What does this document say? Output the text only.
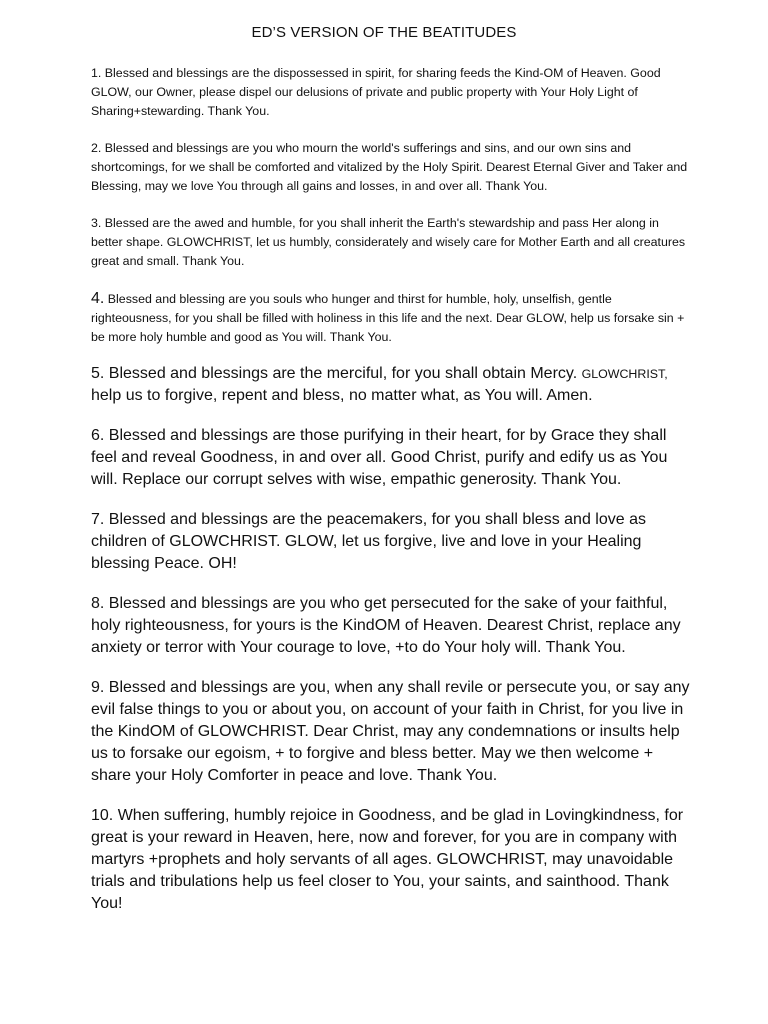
ED’S VERSION OF THE BEATITUDES

1. Blessed and blessings are the dispossessed in spirit, for sharing feeds the Kind-OM of Heaven. Good GLOW, our Owner, please dispel our delusions of private and public property with Your Holy Light of Sharing+stewarding. Thank You.

2. Blessed and blessings are you who mourn the world's sufferings and sins, and our own sins and shortcomings, for we shall be comforted and vitalized by the Holy Spirit. Dearest Eternal Giver and Taker and Blessing, may we love You through all gains and losses, in and over all. Thank You.

3. Blessed are the awed and humble, for you shall inherit the Earth's stewardship and pass Her along in better shape. GLOWCHRIST, let us humbly, considerately and wisely care for Mother Earth and all creatures great and small. Thank You.

4. Blessed and blessing are you souls who hunger and thirst for humble, holy, unselfish, gentle righteousness, for you shall be filled with holiness in this life and the next. Dear GLOW, help us forsake sin + be more holy humble and good as You will. Thank You.

5. Blessed and blessings are the merciful, for you shall obtain Mercy. GLOWCHRIST,
help us to forgive, repent and bless, no matter what, as You will. Amen.

6. Blessed and blessings are those purifying in their heart, for by Grace they shall feel and reveal Goodness, in and over all. Good Christ, purify and edify us as You will. Replace our corrupt selves with wise, empathic generosity. Thank You.

7. Blessed and blessings are the peacemakers, for you shall bless and love as children of GLOWCHRIST. GLOW, let us forgive, live and love in your Healing blessing Peace. OH!

8. Blessed and blessings are you who get persecuted for the sake of your faithful, holy righteousness, for yours is the KindOM of Heaven. Dearest Christ, replace any anxiety or terror with Your courage to love, +to do Your holy will. Thank You.

9. Blessed and blessings are you, when any shall revile or persecute you, or say any evil false things to you or about you, on account of your faith in Christ, for you live in the KindOM of GLOWCHRIST. Dear Christ, may any condemnations or insults help us to forsake our egoism, + to forgive and bless better. May we then welcome + share your Holy Comforter in peace and love. Thank You.

10. When suffering, humbly rejoice in Goodness, and be glad in Lovingkindness, for great is your reward in Heaven, here, now and forever, for you are in company with martyrs +prophets and holy servants of all ages. GLOWCHRIST, may unavoidable trials and tribulations help us feel closer to You, your saints, and sainthood. Thank You!
